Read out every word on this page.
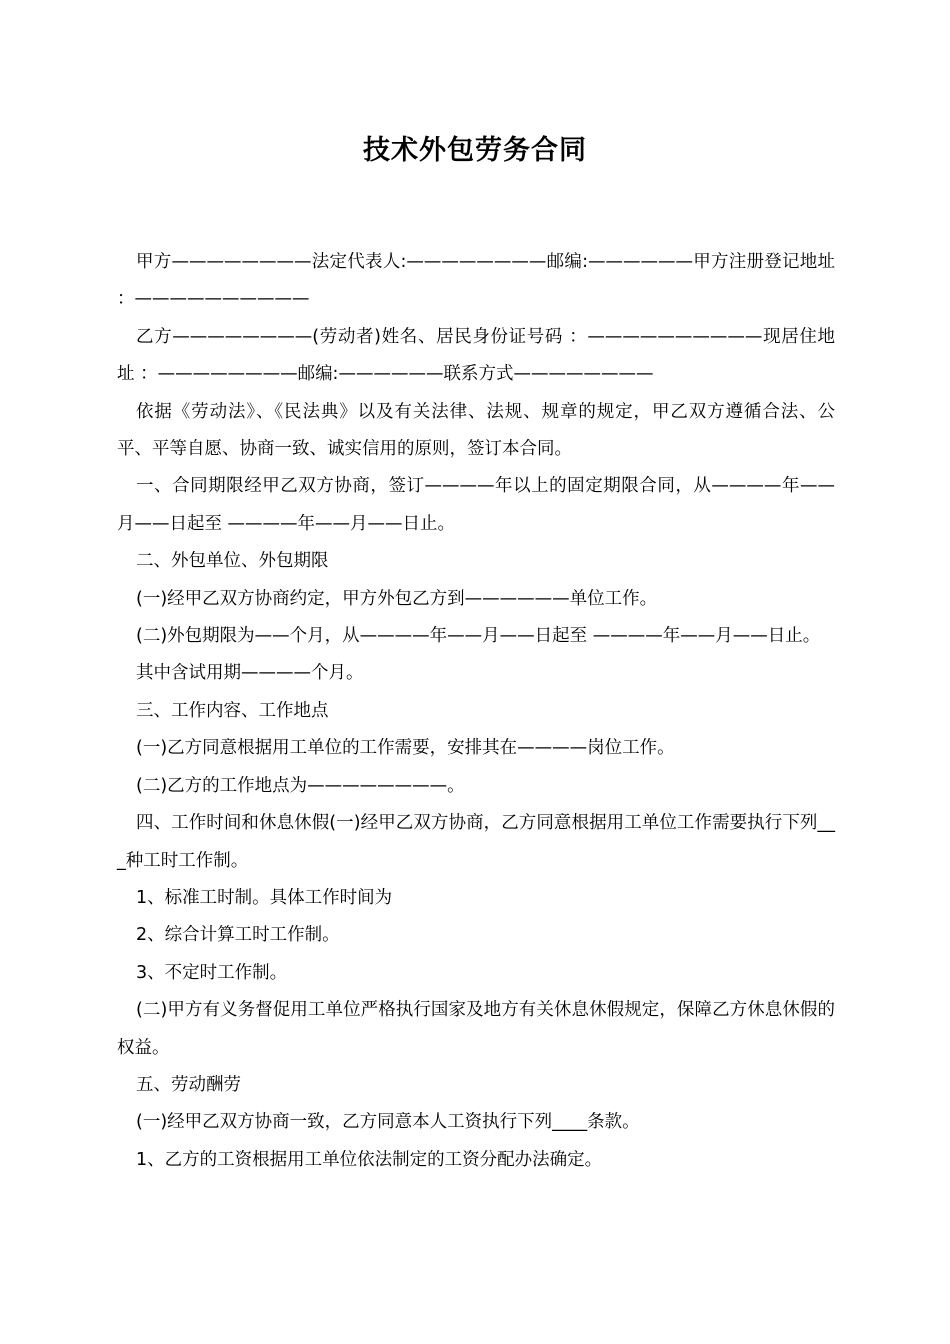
技术外包劳务合同

甲方————————法定代表人:————————邮编:——————甲方注册登记地址 ：——————————

乙方————————(劳动者)姓名、居民身份证号码 ：——————————现居住地址 ：————————邮编:——————联系方式————————

依据《劳动法》、《民法典》以及有关法律、法规、规章的规定，甲乙双方遵循合法、公平、平等自愿、协商一致、诚实信用的原则，签订本合同。

一、合同期限经甲乙双方协商，签订————年以上的固定期限合同，从————年——月——日起至 ————年——月——日止。

二、外包单位、外包期限

(一)经甲乙双方协商约定，甲方外包乙方到——————单位工作。

(二)外包期限为——个月，从————年——月——日起至 ————年——月——日止。

其中含试用期————个月。

三、工作内容、工作地点

(一)乙方同意根据用工单位的工作需要，安排其在————岗位工作。

(二)乙方的工作地点为————————。

四、工作时间和休息休假(一)经甲乙双方协商，乙方同意根据用工单位工作需要执行下列___种工时工作制。

1、标准工时制。具体工作时间为

2、综合计算工时工作制。

3、不定时工作制。

(二)甲方有义务督促用工单位严格执行国家及地方有关休息休假规定，保障乙方休息休假的权益。

五、劳动酬劳

(一)经甲乙双方协商一致，乙方同意本人工资执行下列____条款。

1、乙方的工资根据用工单位依法制定的工资分配办法确定。
